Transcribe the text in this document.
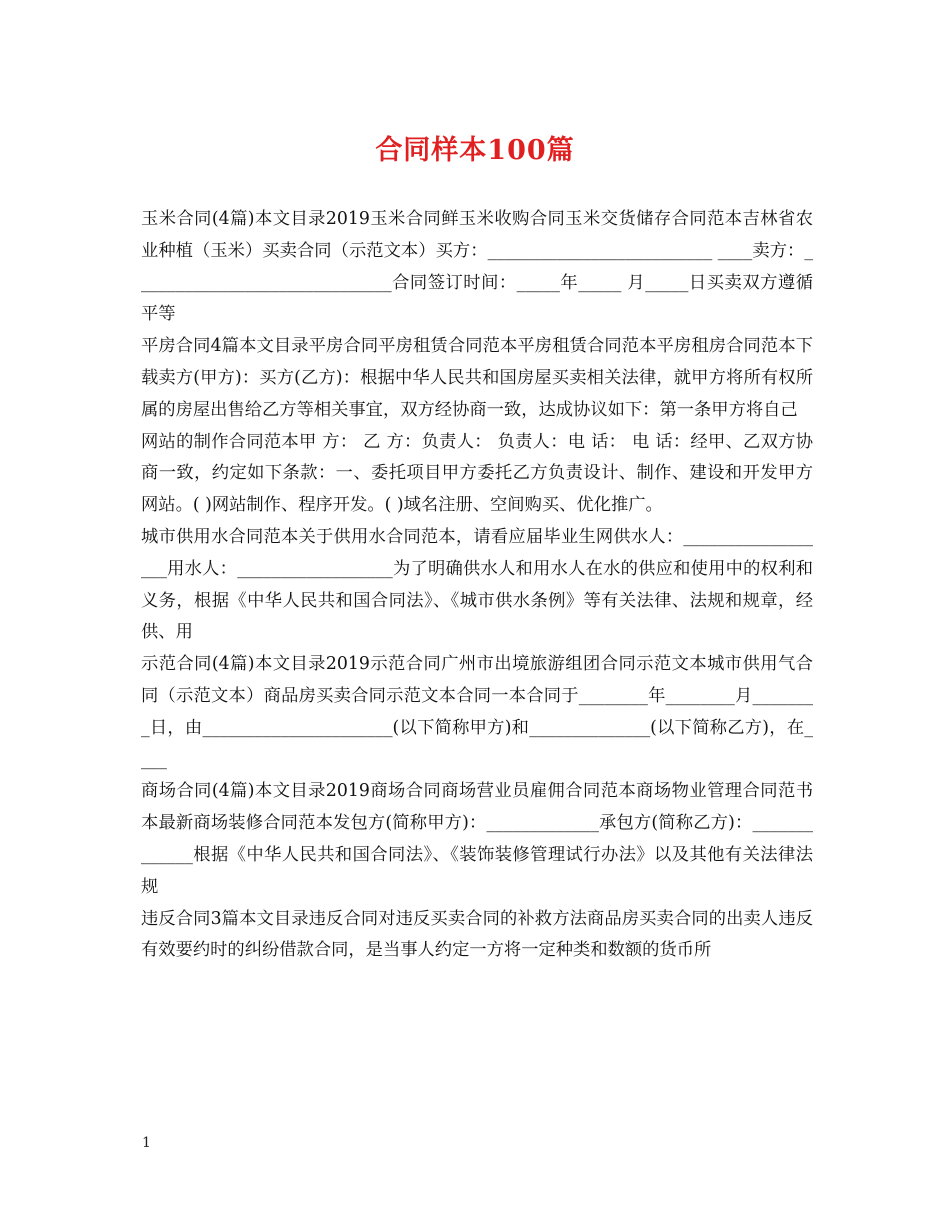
合同样本100篇

玉米合同(4篇)本文目录2019玉米合同鲜玉米收购合同玉米交货储存合同范本吉林省农业种植（玉米）买卖合同（示范文本）买方：__________________________ ____卖方：______________________________合同签订时间：_____年_____ 月_____日买卖双方遵循平等

平房合同4篇本文目录平房合同平房租赁合同范本平房租赁合同范本平房租房合同范本下载卖方(甲方)：买方(乙方)：根据中华人民共和国房屋买卖相关法律，就甲方将所有权所属的房屋出售给乙方等相关事宜，双方经协商一致，达成协议如下：第一条甲方将自己

网站的制作合同范本甲 方： 乙 方：负责人： 负责人：电 话： 电 话：经甲、乙双方协商一致，约定如下条款：一、委托项目甲方委托乙方负责设计、制作、建设和开发甲方网站。( )网站制作、程序开发。( )域名注册、空间购买、优化推广。

城市供用水合同范本关于供用水合同范本，请看应届毕业生网供水人：__________________用水人：__________________为了明确供水人和用水人在水的供应和使用中的权利和义务，根据《中华人民共和国合同法》、《城市供水条例》等有关法律、法规和规章，经供、用

示范合同(4篇)本文目录2019示范合同广州市出境旅游组团合同示范文本城市供用气合同（示范文本）商品房买卖合同示范文本合同一本合同于________年________月________日，由______________________(以下简称甲方)和______________(以下简称乙方)，在____

商场合同(4篇)本文目录2019商场合同商场营业员雇佣合同范本商场物业管理合同范书本最新商场装修合同范本发包方(简称甲方)：_____________承包方(简称乙方)：_____________根据《中华人民共和国合同法》、《装饰装修管理试行办法》以及其他有关法律法规

违反合同3篇本文目录违反合同对违反买卖合同的补救方法商品房买卖合同的出卖人违反有效要约时的纠纷借款合同，是当事人约定一方将一定种类和数额的货币所

1
